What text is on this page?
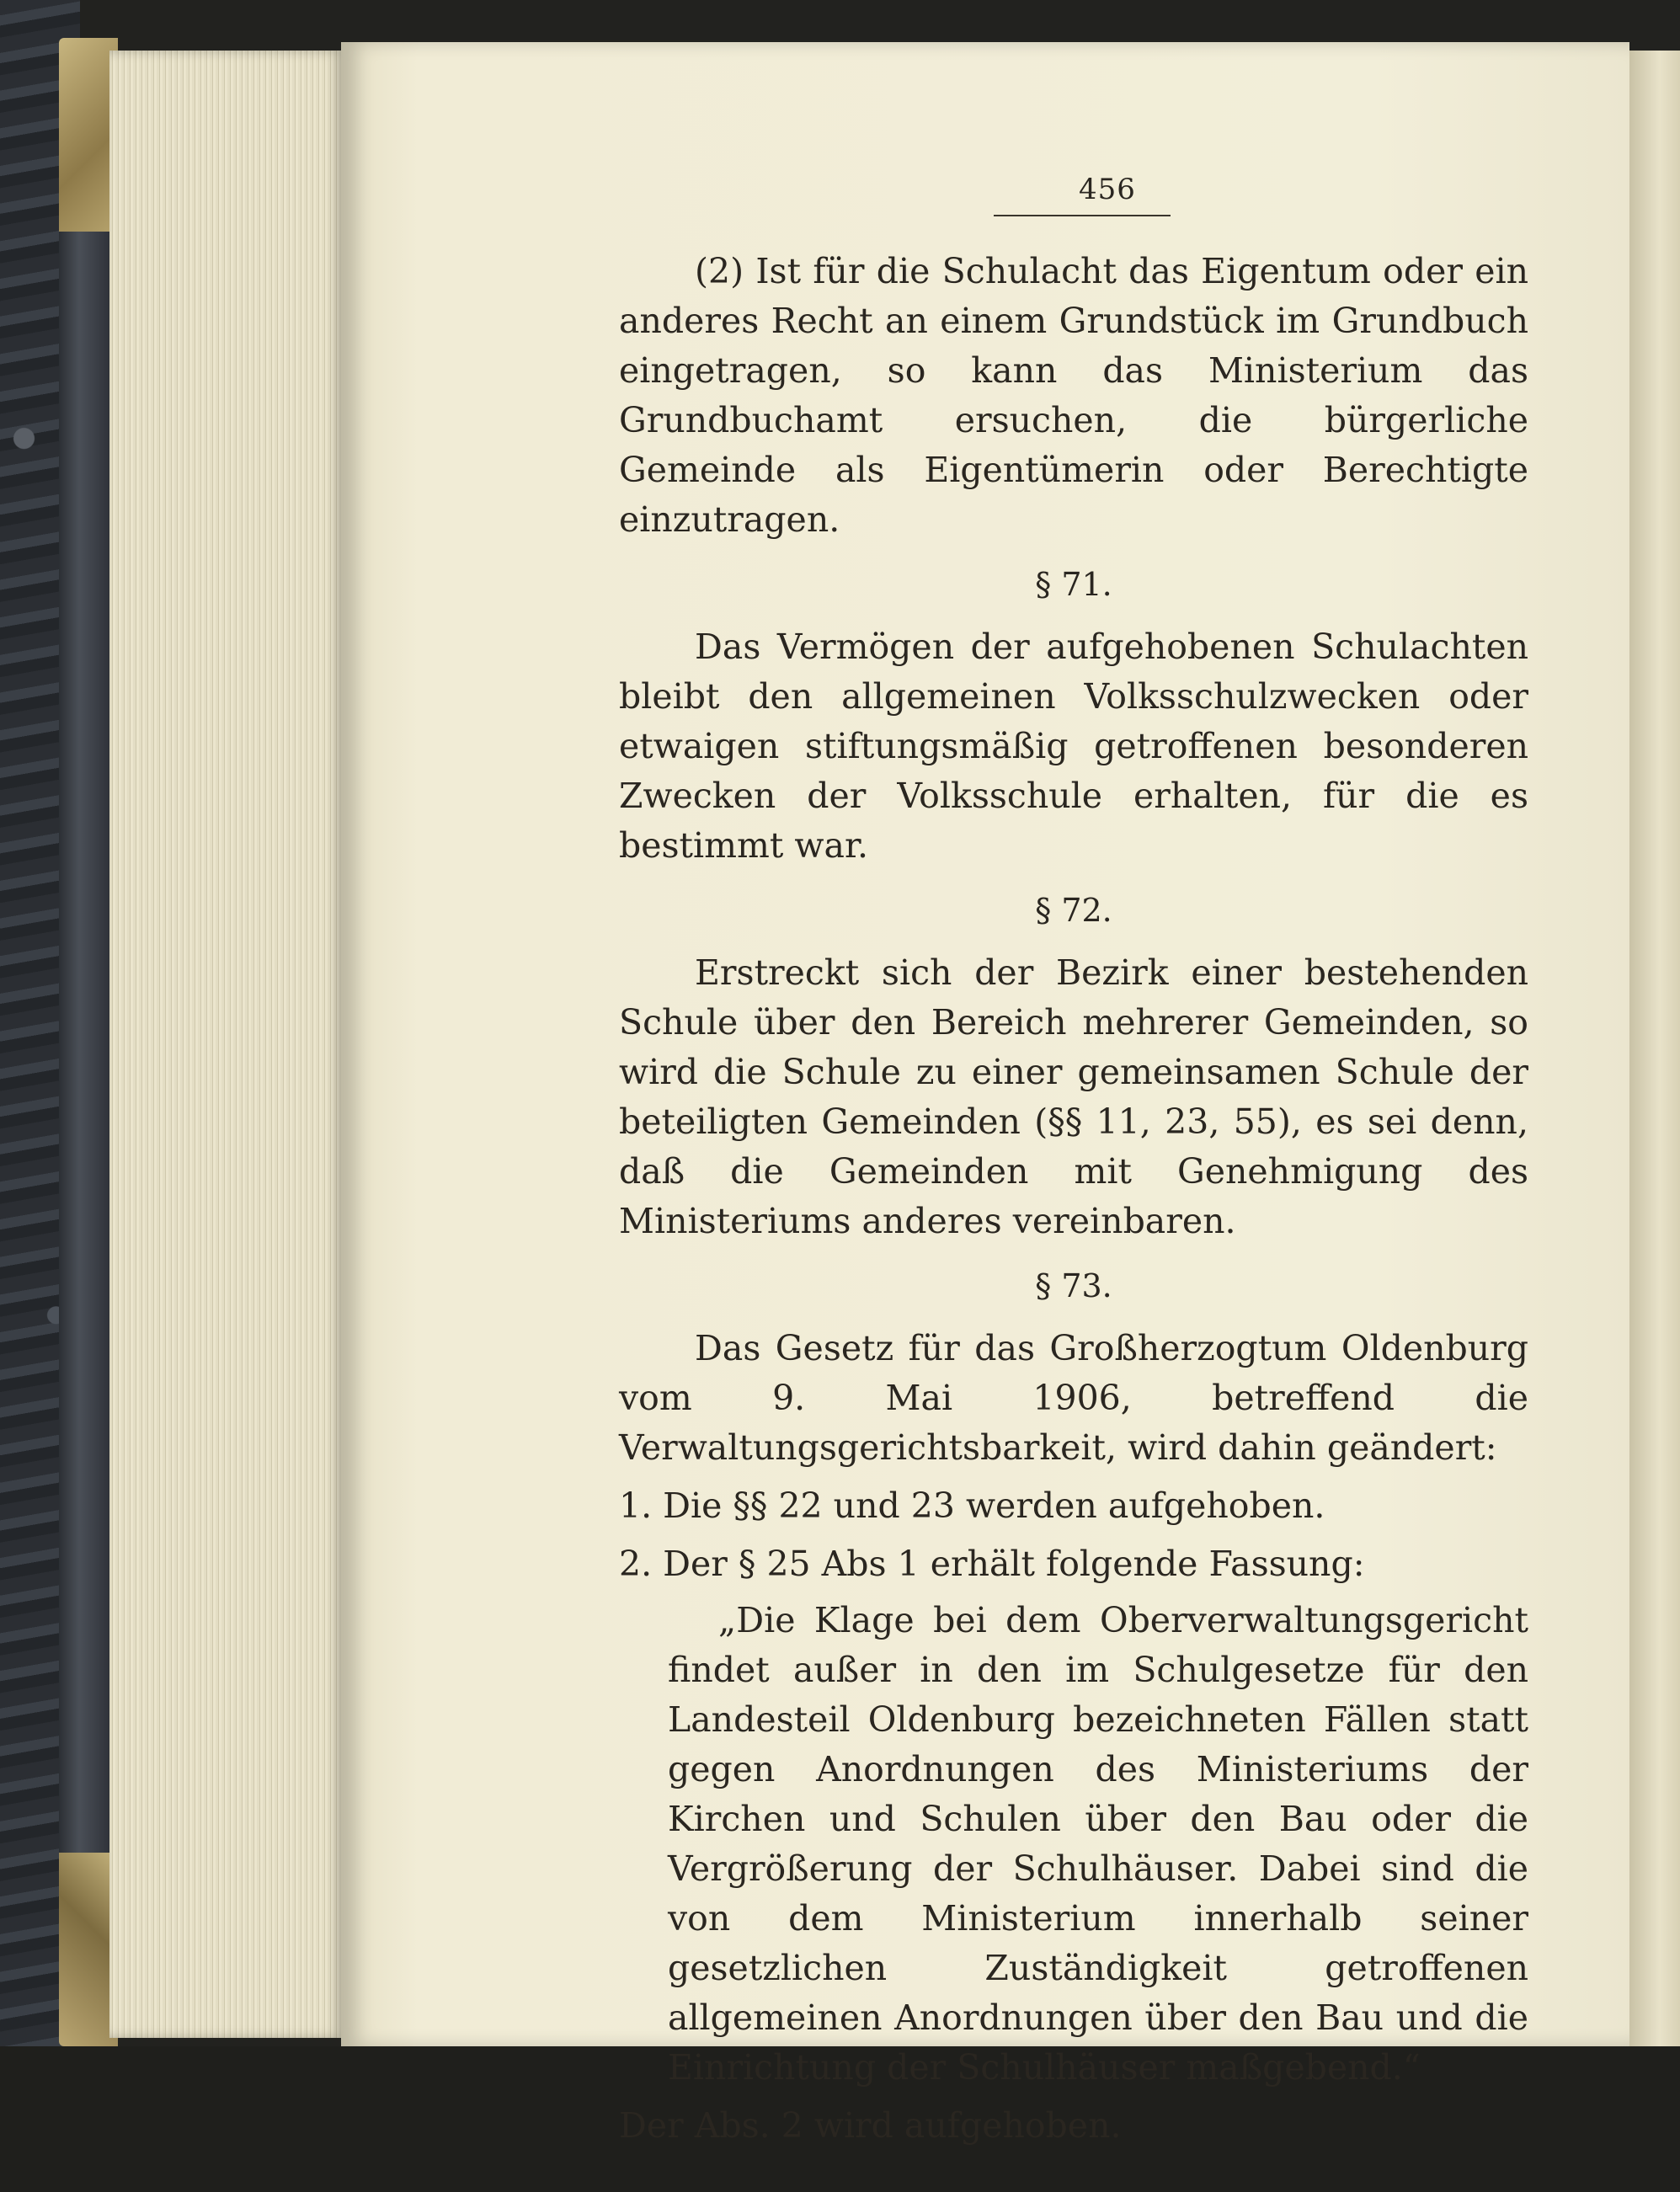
456

(2) Ist für die Schulacht das Eigentum oder ein anderes Recht an einem Grundstück im Grundbuch eingetragen, so kann das Ministerium das Grundbuchamt ersuchen, die bürgerliche Gemeinde als Eigentümerin oder Berechtigte einzutragen.

§ 71.

Das Vermögen der aufgehobenen Schulachten bleibt den allgemeinen Volksschulzwecken oder etwaigen stiftungsmäßig getroffenen besonderen Zwecken der Volksschule erhalten, für die es bestimmt war.

§ 72.

Erstreckt sich der Bezirk einer bestehenden Schule über den Bereich mehrerer Gemeinden, so wird die Schule zu einer gemeinsamen Schule der beteiligten Gemeinden (§§ 11, 23, 55), es sei denn, daß die Gemeinden mit Genehmigung des Ministeriums anderes vereinbaren.

§ 73.

Das Gesetz für das Großherzogtum Oldenburg vom 9. Mai 1906, betreffend die Verwaltungsgerichtsbarkeit, wird dahin geändert:

1. Die §§ 22 und 23 werden aufgehoben.
2. Der § 25 Abs 1 erhält folgende Fassung:

„Die Klage bei dem Oberverwaltungsgericht findet außer in den im Schulgesetze für den Landesteil Oldenburg bezeichneten Fällen statt gegen Anordnungen des Ministeriums der Kirchen und Schulen über den Bau oder die Vergrößerung der Schulhäuser. Dabei sind die von dem Ministerium innerhalb seiner gesetzlichen Zuständigkeit getroffenen allgemeinen Anordnungen über den Bau und die Einrichtung der Schulhäuser maßgebend.“

Der Abs. 2 wird aufgehoben.
